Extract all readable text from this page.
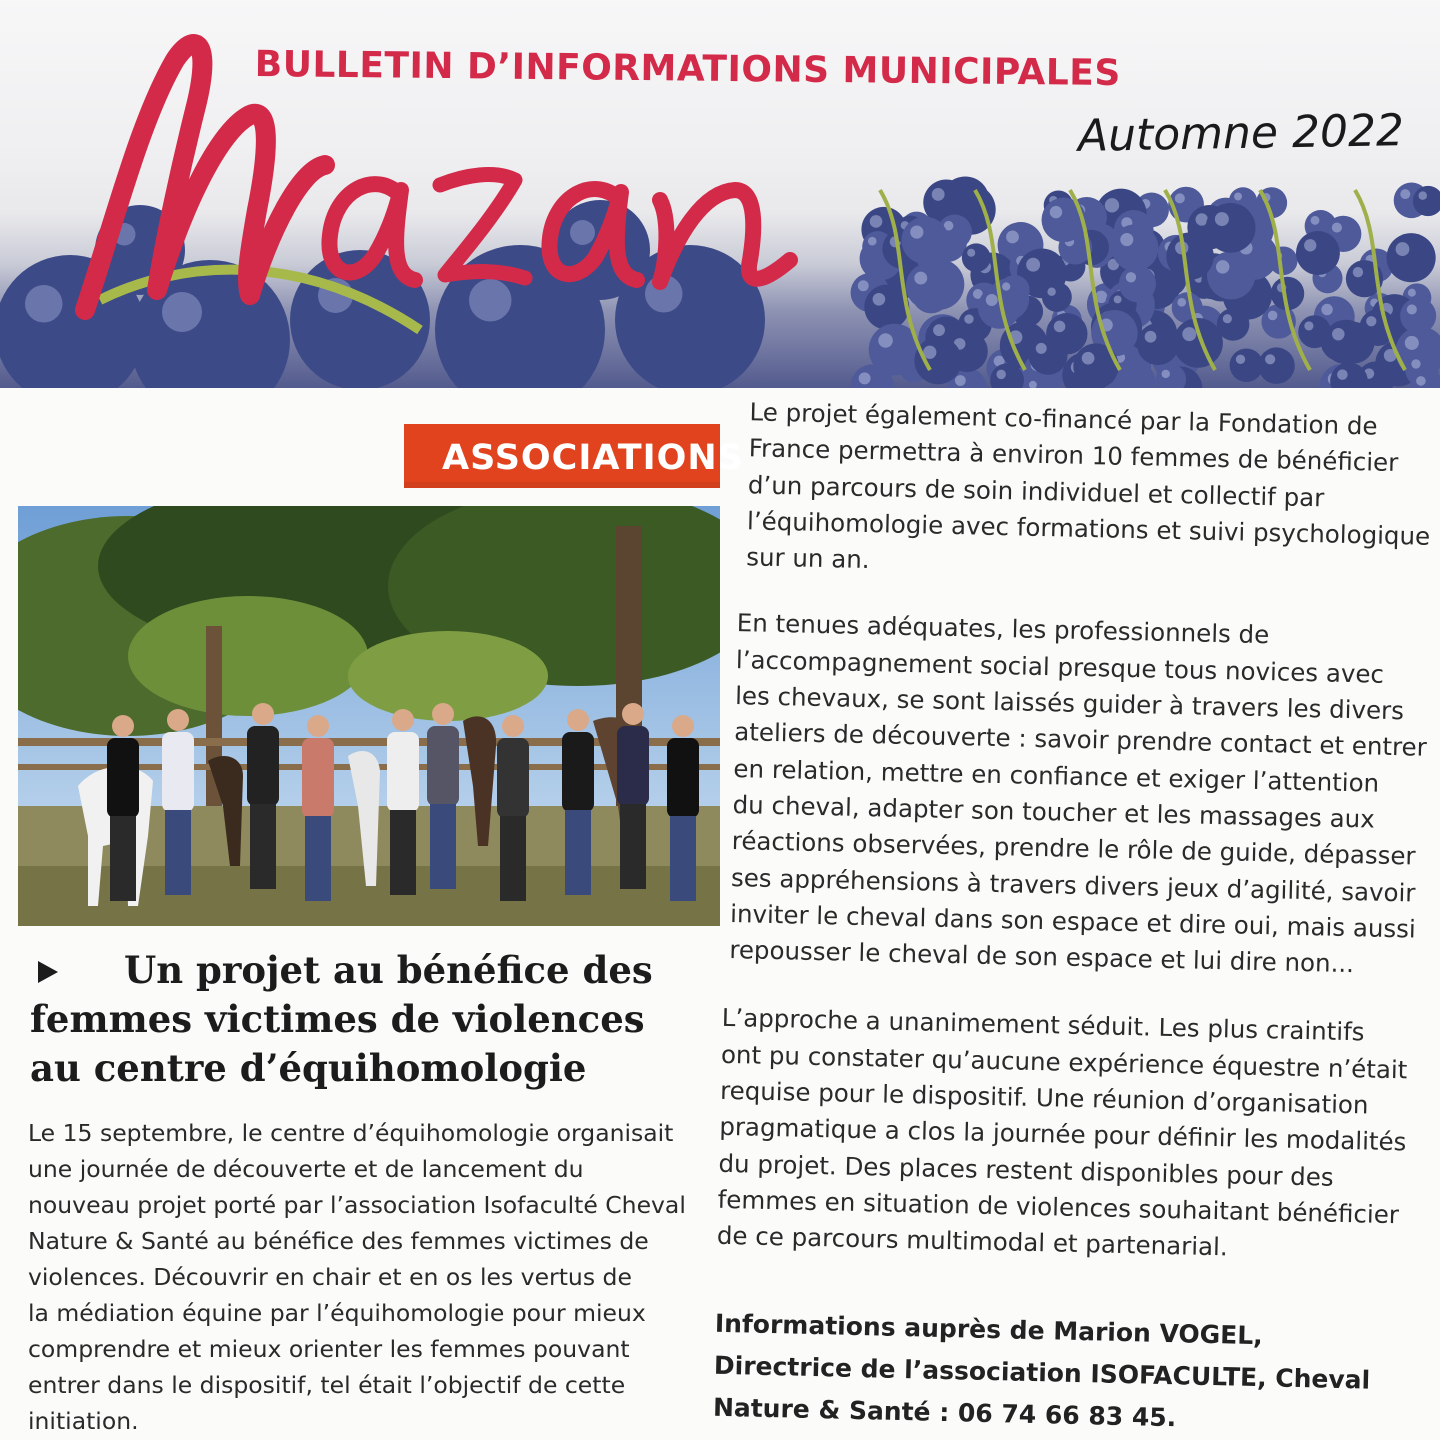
BULLETIN D’INFORMATIONS MUNICIPALES
Automne 2022
ASSOCIATIONS
Un projet au bénéfice des
femmes victimes de violences
au centre d’équihomologie
Le 15 septembre, le centre d’équihomologie organisait
une journée de découverte et de lancement du
nouveau projet porté par l’association Isofaculté Cheval
Nature & Santé au bénéfice des femmes victimes de
violences. Découvrir en chair et en os les vertus de
la médiation équine par l’équihomologie pour mieux
comprendre et mieux orienter les femmes pouvant
entrer dans le dispositif, tel était l’objectif de cette
initiation.

Le projet également co-financé par la Fondation de
France permettra à environ 10 femmes de bénéficier
d’un parcours de soin individuel et collectif par
l’équihomologie avec formations et suivi psychologique
sur un an.

En tenues adéquates, les professionnels de
l’accompagnement social presque tous novices avec
les chevaux, se sont laissés guider à travers les divers
ateliers de découverte : savoir prendre contact et entrer
en relation, mettre en confiance et exiger l’attention
du cheval, adapter son toucher et les massages aux
réactions observées, prendre le rôle de guide, dépasser
ses appréhensions à travers divers jeux d’agilité, savoir
inviter le cheval dans son espace et dire oui, mais aussi
repousser le cheval de son espace et lui dire non...

L’approche a unanimement séduit. Les plus craintifs
ont pu constater qu’aucune expérience équestre n’était
requise pour le dispositif. Une réunion d’organisation
pragmatique a clos la journée pour définir les modalités
du projet. Des places restent disponibles pour des
femmes en situation de violences souhaitant bénéficier
de ce parcours multimodal et partenarial.

Informations auprès de Marion VOGEL,
Directrice de l’association ISOFACULTE, Cheval
Nature & Santé : 06 74 66 83 45.
